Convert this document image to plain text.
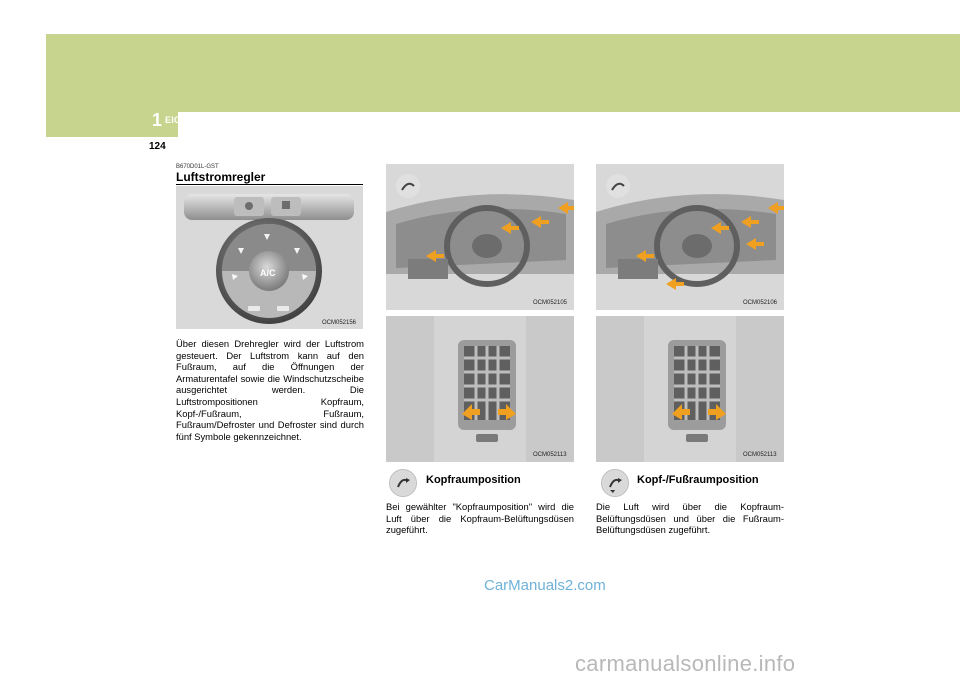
1 EIGENSCHAFTEN DES HYUNDAI
124
B670D01L-GST
Luftstromregler
A/C
OCM052156
Über diesen Drehregler wird der Luftstrom gesteuert. Der Luftstrom kann auf den Fußraum, auf die Öffnungen der Armaturentafel sowie die Windschutzscheibe ausgerichtet werden. Die Luftstrompositionen Kopfraum, Kopf-/Fußraum, Fußraum, Fußraum/Defroster und Defroster sind durch fünf Symbole gekennzeichnet.
OCM052105
OCM052113
Kopfraumposition
Bei gewählter "Kopfraumposition" wird die Luft über die Kopfraum-Belüftungsdüsen zugeführt.
OCM052106
OCM052113
Kopf-/Fußraumposition
Die Luft wird über die Kopfraum-Belüftungsdüsen und über die Fußraum-Belüftungsdüsen zugeführt.
CarManuals2.com
carmanualsonline.info
